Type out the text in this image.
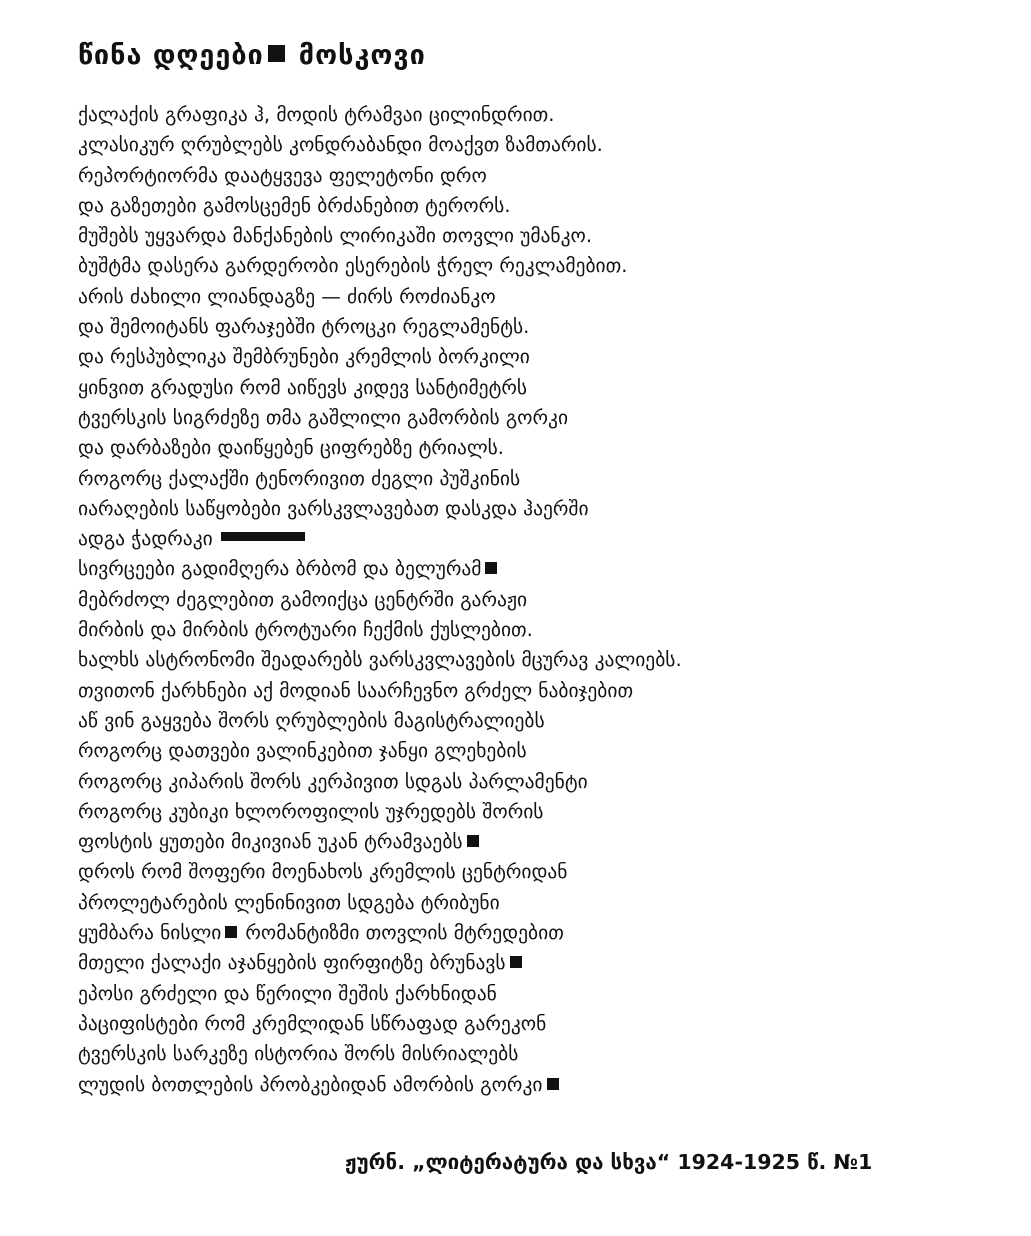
წინა დღეები მოსკოვი
ქალაქის გრაფიკა ჰ, მოდის ტრამვაი ცილინდრით.
კლასიკურ ღრუბლებს კონდრაბანდი მოაქვთ ზამთარის.
რეპორტიორმა დაატყვევა ფელეტონი დრო
და გაზეთები გამოსცემენ ბრძანებით ტერორს.
მუშებს უყვარდა მანქანების ლირიკაში თოვლი უმანკო.
ბუშტმა დასერა გარდერობი ესერების ჭრელ რეკლამებით.
არის ძახილი ლიანდაგზე — ძირს როძიანკო
და შემოიტანს ფარაჯებში ტროცკი რეგლამენტს.
და რესპუბლიკა შემბრუნები კრემლის ბორკილი
ყინვით გრადუსი რომ აიწევს კიდევ სანტიმეტრს
ტვერსკის სიგრძეზე თმა გაშლილი გამორბის გორკი
და დარბაზები დაიწყებენ ციფრებზე ტრიალს.
როგორც ქალაქში ტენორივით ძეგლი პუშკინის
იარაღების საწყობები ვარსკვლავებათ დასკდა ჰაერში
ადგა ჭადრაკი
სივრცეები გადიმღერა ბრბომ და ბელურამ
მებრძოლ ძეგლებით გამოიქცა ცენტრში გარაჟი
მირბის და მირბის ტროტუარი ჩექმის ქუსლებით.
ხალხს ასტრონომი შეადარებს ვარსკვლავების მცურავ კალიებს.
თვითონ ქარხნები აქ მოდიან საარჩევნო გრძელ ნაბიჯებით
აწ ვინ გაყვება შორს ღრუბლების მაგისტრალიებს
როგორც დათვები ვალინკებით ჯანყი გლეხების
როგორც კიპარის შორს კერპივით სდგას პარლამენტი
როგორც კუბიკი ხლოროფილის უჯრედებს შორის
ფოსტის ყუთები მიკივიან უკან ტრამვაებს
დროს რომ შოფერი მოენახოს კრემლის ცენტრიდან
პროლეტარების ლენინივით სდგება ტრიბუნი
ყუმბარა ნისლი რომანტიზმი თოვლის მტრედებით
მთელი ქალაქი აჯანყების ფირფიტზე ბრუნავს
ეპოსი გრძელი და წერილი შეშის ქარხნიდან
პაციფისტები რომ კრემლიდან სწრაფად გარეკონ
ტვერსკის სარკეზე ისტორია შორს მისრიალებს
ლუდის ბოთლების პრობკებიდან ამორბის გორკი
ჟურნ. „ლიტერატურა და სხვა“ 1924-1925 წ. №1
